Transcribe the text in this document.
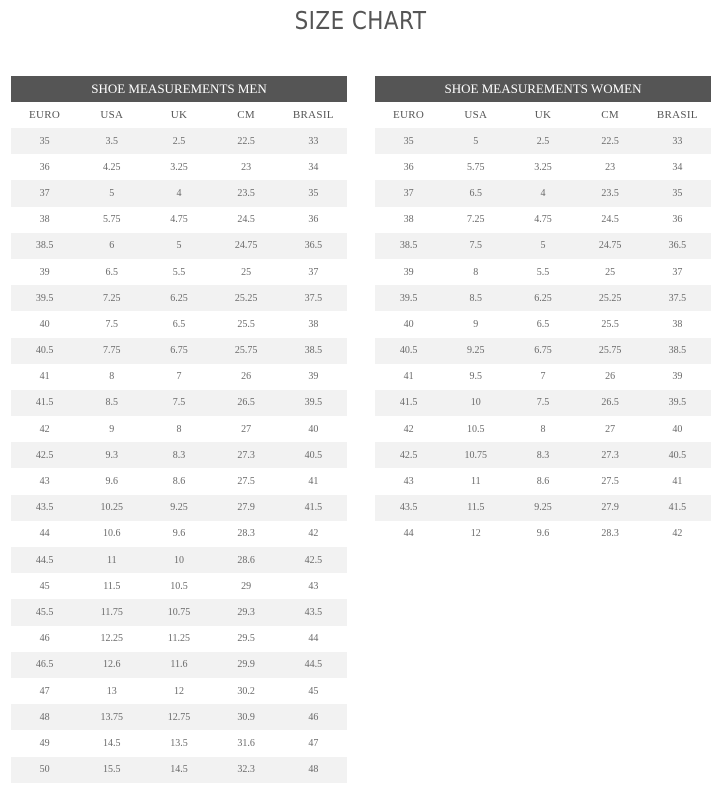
SIZE CHART
SHOE MEASUREMENTS MEN				
EURO	USA	UK	CM	BRASIL
35	3.5	2.5	22.5	33
36	4.25	3.25	23	34
37	5	4	23.5	35
38	5.75	4.75	24.5	36
38.5	6	5	24.75	36.5
39	6.5	5.5	25	37
39.5	7.25	6.25	25.25	37.5
40	7.5	6.5	25.5	38
40.5	7.75	6.75	25.75	38.5
41	8	7	26	39
41.5	8.5	7.5	26.5	39.5
42	9	8	27	40
42.5	9.3	8.3	27.3	40.5
43	9.6	8.6	27.5	41
43.5	10.25	9.25	27.9	41.5
44	10.6	9.6	28.3	42
44.5	11	10	28.6	42.5
45	11.5	10.5	29	43
45.5	11.75	10.75	29.3	43.5
46	12.25	11.25	29.5	44
46.5	12.6	11.6	29.9	44.5
47	13	12	30.2	45
48	13.75	12.75	30.9	46
49	14.5	13.5	31.6	47
50	15.5	14.5	32.3	48
SHOE MEASUREMENTS WOMEN				
EURO	USA	UK	CM	BRASIL
35	5	2.5	22.5	33
36	5.75	3.25	23	34
37	6.5	4	23.5	35
38	7.25	4.75	24.5	36
38.5	7.5	5	24.75	36.5
39	8	5.5	25	37
39.5	8.5	6.25	25.25	37.5
40	9	6.5	25.5	38
40.5	9.25	6.75	25.75	38.5
41	9.5	7	26	39
41.5	10	7.5	26.5	39.5
42	10.5	8	27	40
42.5	10.75	8.3	27.3	40.5
43	11	8.6	27.5	41
43.5	11.5	9.25	27.9	41.5
44	12	9.6	28.3	42
